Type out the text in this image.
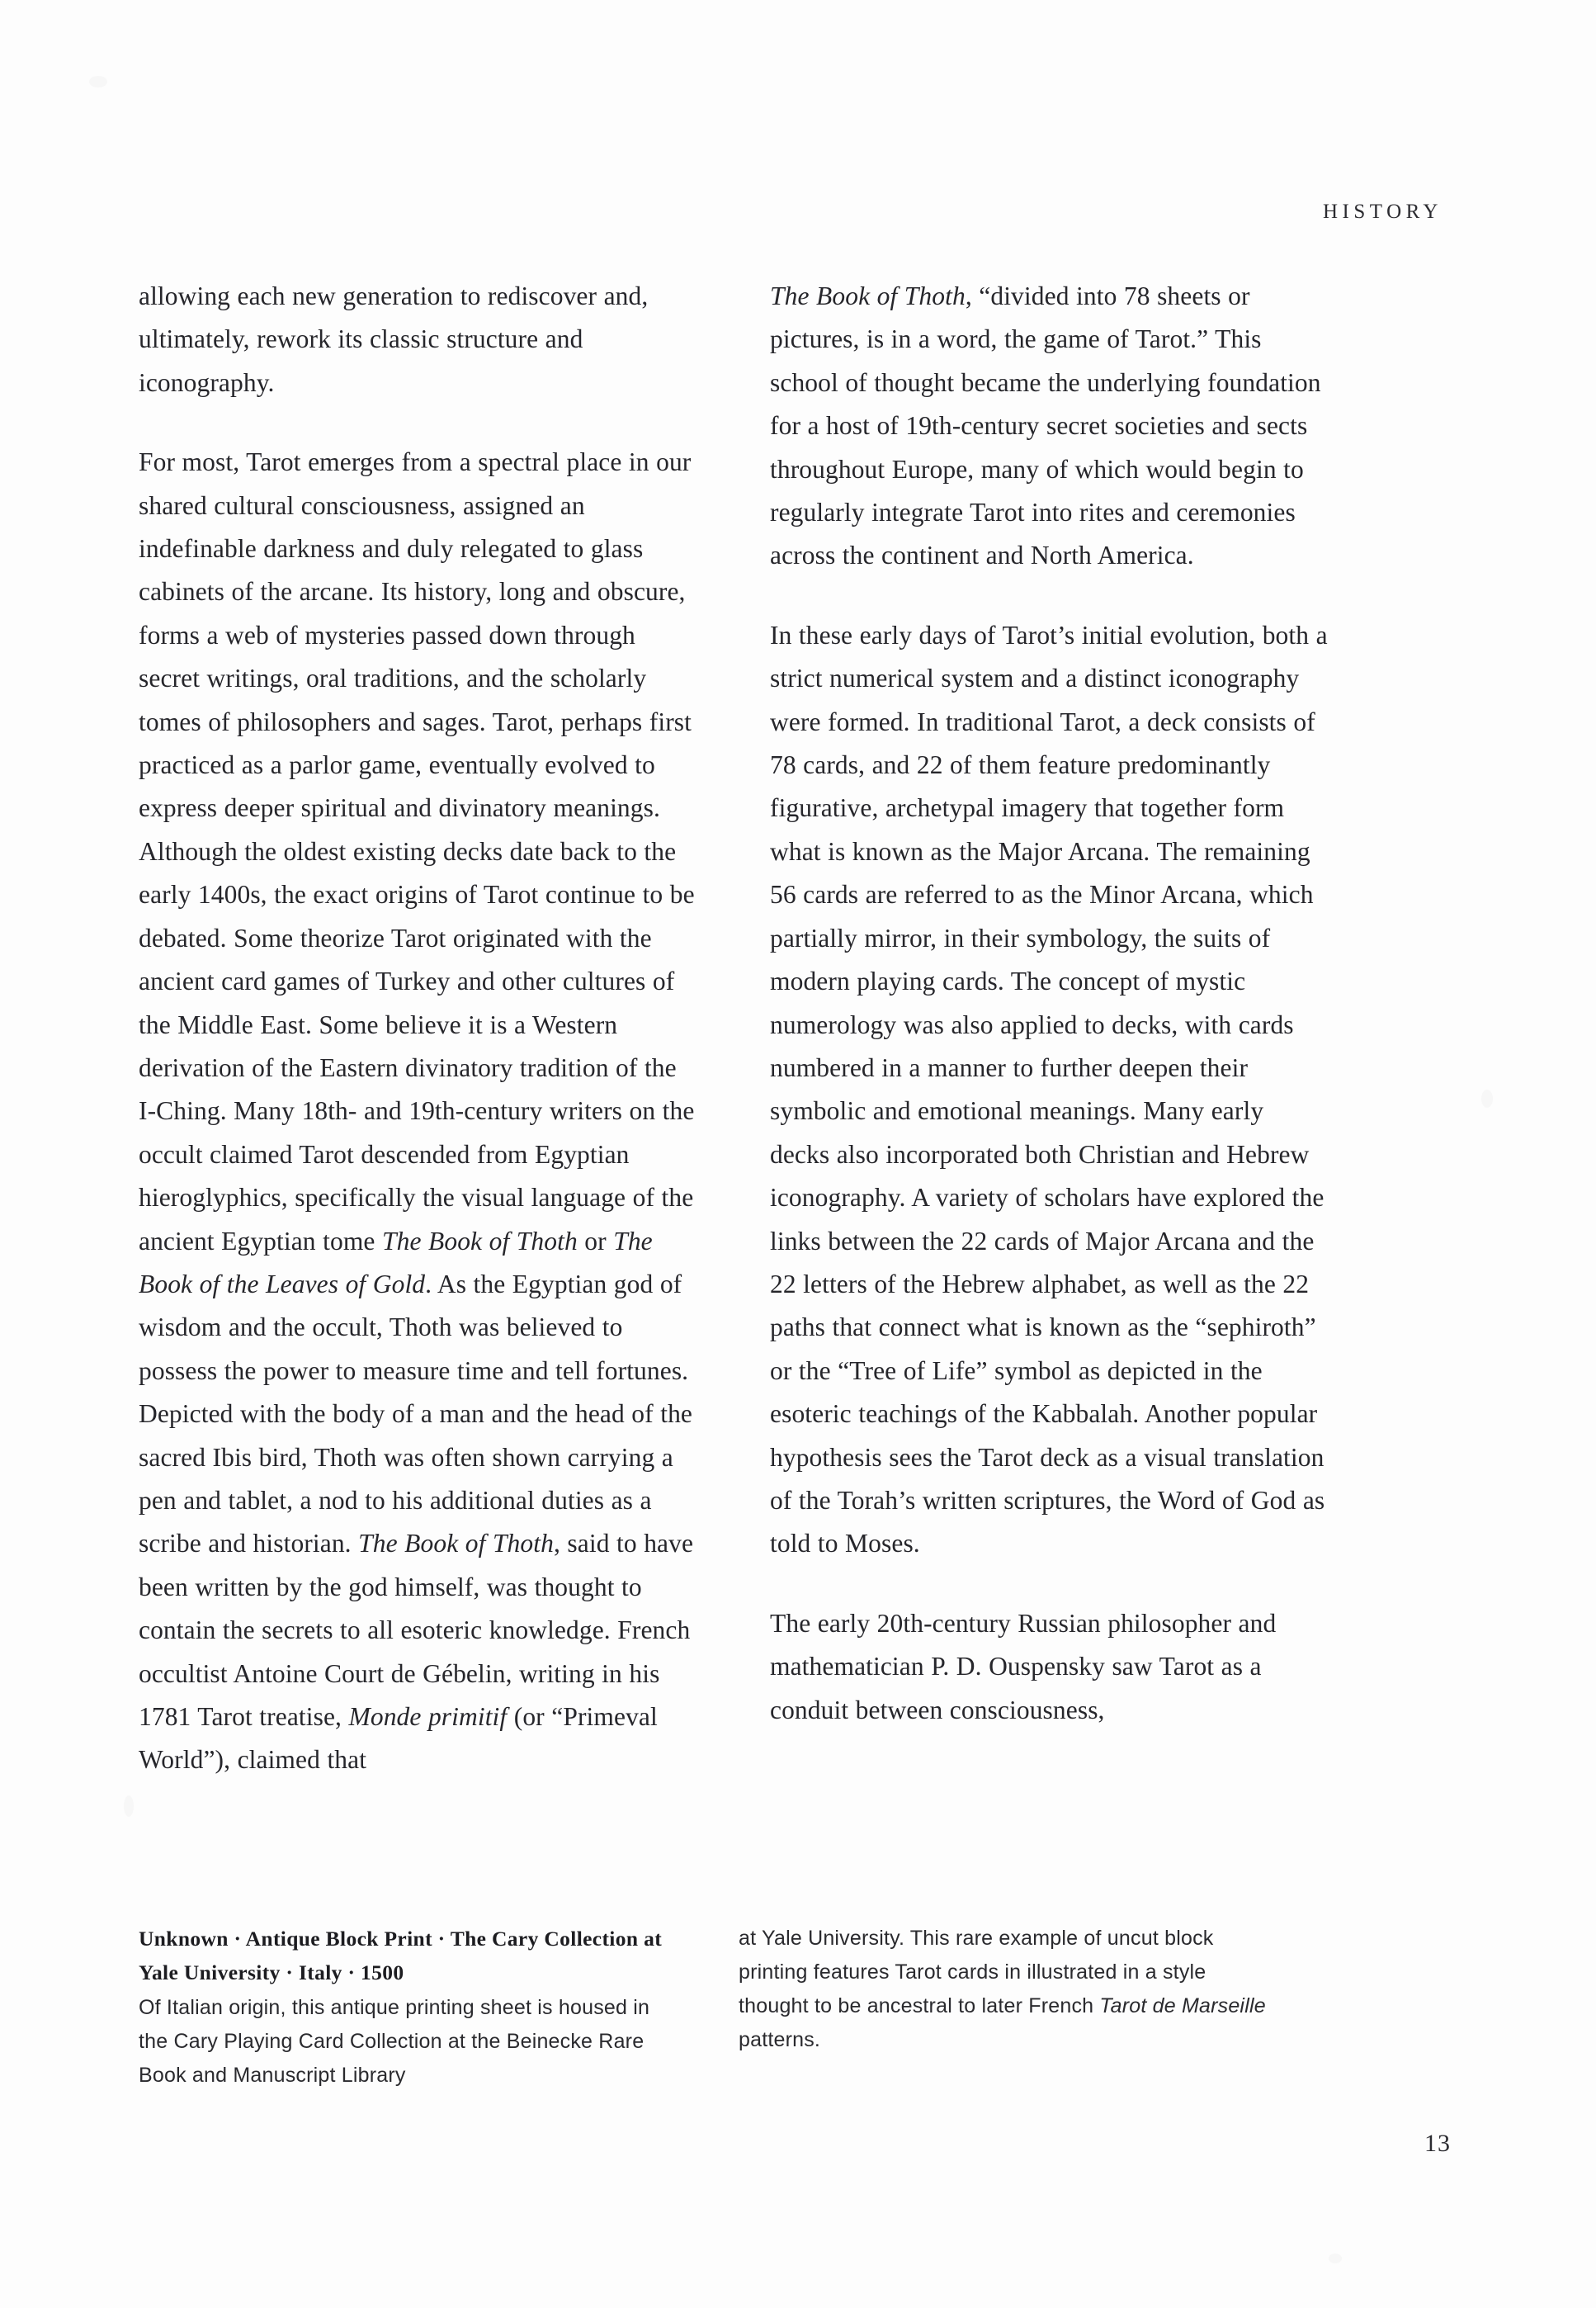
HISTORY

allowing each new generation to rediscover and, ultimately, rework its classic structure and iconography.

For most, Tarot emerges from a spectral place in our shared cultural consciousness, assigned an indefinable darkness and duly relegated to glass cabinets of the arcane. Its history, long and obscure, forms a web of mysteries passed down through secret writings, oral traditions, and the scholarly tomes of philosophers and sages. Tarot, perhaps first practiced as a parlor game, eventually evolved to express deeper spiritual and divinatory meanings. Although the oldest existing decks date back to the early 1400s, the exact origins of Tarot continue to be debated. Some theorize Tarot originated with the ancient card games of Turkey and other cultures of the Middle East. Some believe it is a Western derivation of the Eastern divinatory tradition of the I-Ching. Many 18th- and 19th-century writers on the occult claimed Tarot descended from Egyptian hieroglyphics, specifically the visual language of the ancient Egyptian tome The Book of Thoth or The Book of the Leaves of Gold. As the Egyptian god of wisdom and the occult, Thoth was believed to possess the power to measure time and tell fortunes. Depicted with the body of a man and the head of the sacred Ibis bird, Thoth was often shown carrying a pen and tablet, a nod to his additional duties as a scribe and historian. The Book of Thoth, said to have been written by the god himself, was thought to contain the secrets to all esoteric knowledge. French occultist Antoine Court de Gébelin, writing in his 1781 Tarot treatise, Monde primitif (or “Primeval World”), claimed that

The Book of Thoth, “divided into 78 sheets or pictures, is in a word, the game of Tarot.” This school of thought became the underlying foundation for a host of 19th-century secret societies and sects throughout Europe, many of which would begin to regularly integrate Tarot into rites and ceremonies across the continent and North America.

In these early days of Tarot’s initial evolution, both a strict numerical system and a distinct iconography were formed. In traditional Tarot, a deck consists of 78 cards, and 22 of them feature predominantly figurative, archetypal imagery that together form what is known as the Major Arcana. The remaining 56 cards are referred to as the Minor Arcana, which partially mirror, in their symbology, the suits of modern playing cards. The concept of mystic numerology was also applied to decks, with cards numbered in a manner to further deepen their symbolic and emotional meanings. Many early decks also incorporated both Christian and Hebrew iconography. A variety of scholars have explored the links between the 22 cards of Major Arcana and the 22 letters of the Hebrew alphabet, as well as the 22 paths that connect what is known as the “sephiroth” or the “Tree of Life” symbol as depicted in the esoteric teachings of the Kabbalah. Another popular hypothesis sees the Tarot deck as a visual translation of the Torah’s written scriptures, the Word of God as told to Moses.

The early 20th-century Russian philosopher and mathematician P. D. Ouspensky saw Tarot as a conduit between consciousness,

Unknown · Antique Block Print · The Cary Collection at Yale University · Italy · 1500

Of Italian origin, this antique printing sheet is housed in the Cary Playing Card Collection at the Beinecke Rare Book and Manuscript Library

at Yale University. This rare example of uncut block printing features Tarot cards in illustrated in a style thought to be ancestral to later French Tarot de Marseille patterns.

13
